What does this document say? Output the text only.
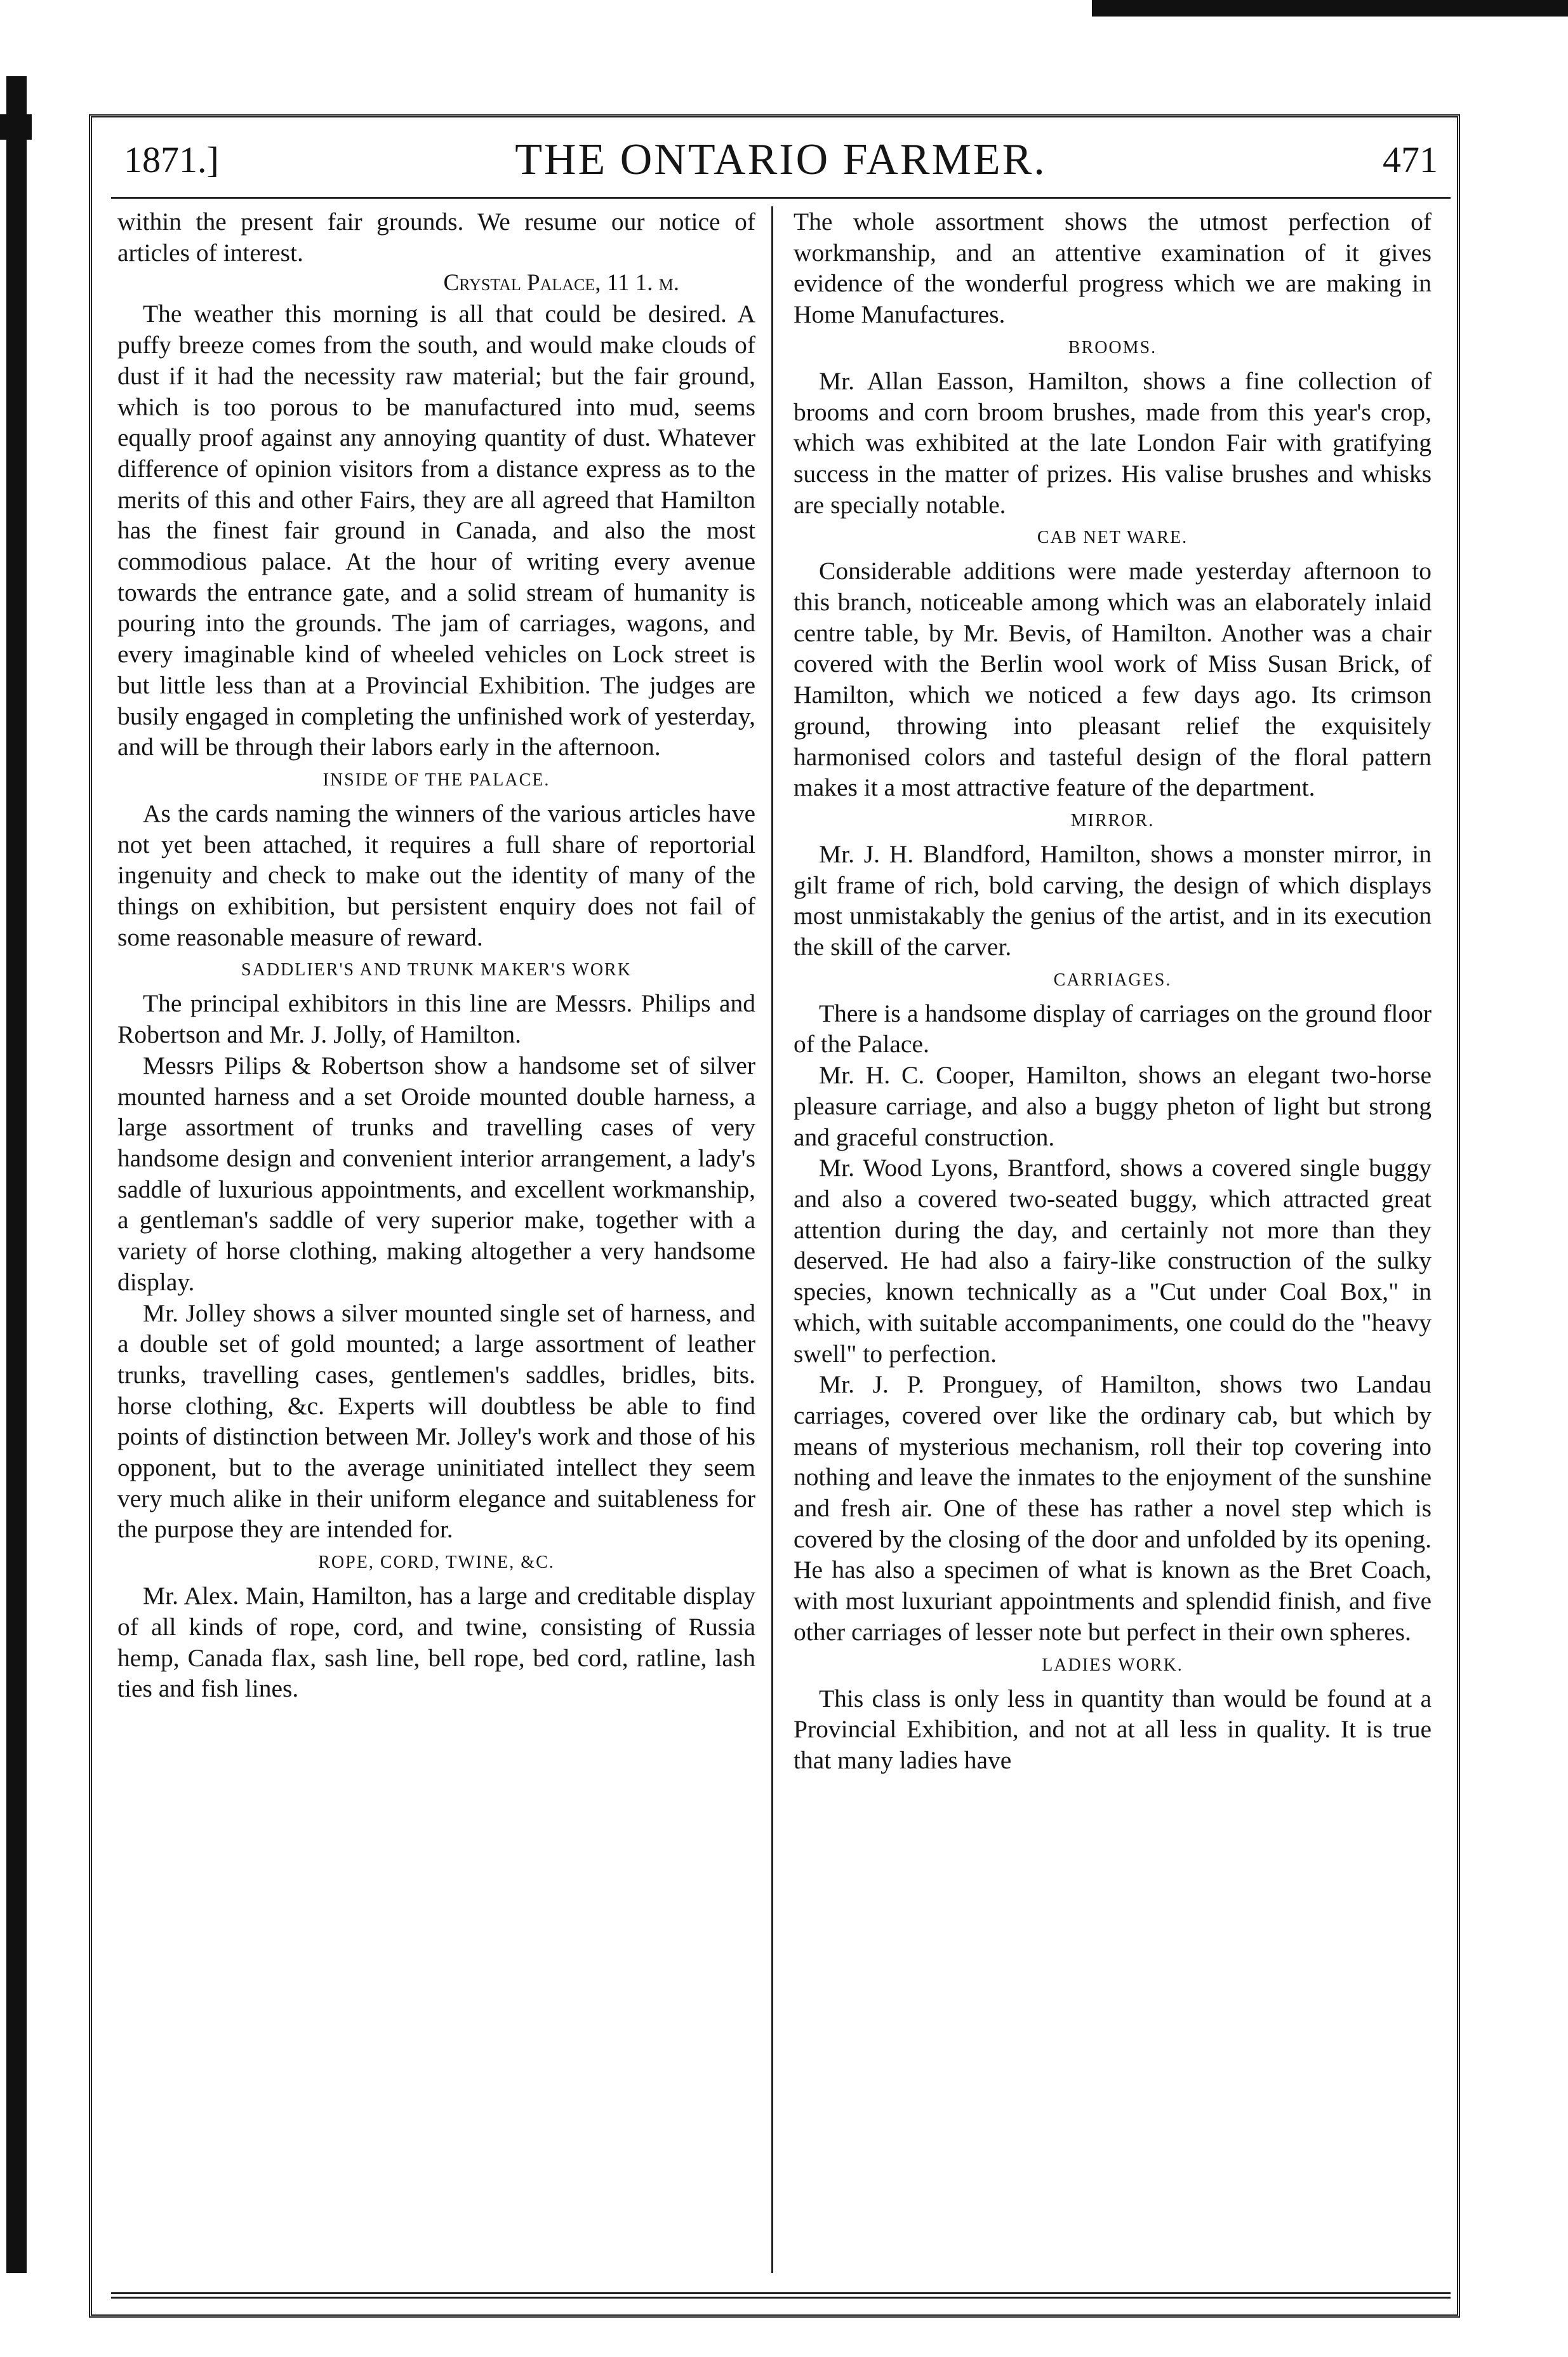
1871.]	THE ONTARIO FARMER.	471

within the present fair grounds. We resume our notice of articles of interest.

Crystal Palace, 11 1. m.

The weather this morning is all that could be desired. A puffy breeze comes from the south, and would make clouds of dust if it had the necessity raw material; but the fair ground, which is too porous to be manufactured into mud, seems equally proof against any annoying quantity of dust. Whatever difference of opinion visitors from a distance express as to the merits of this and other Fairs, they are all agreed that Hamilton has the finest fair ground in Canada, and also the most commodious palace. At the hour of writing every avenue towards the entrance gate, and a solid stream of humanity is pouring into the grounds. The jam of carriages, wagons, and every imaginable kind of wheeled vehicles on Lock street is but little less than at a Provincial Exhibition. The judges are busily engaged in completing the unfinished work of yesterday, and will be through their labors early in the afternoon.

INSIDE OF THE PALACE.

As the cards naming the winners of the various articles have not yet been attached, it requires a full share of reportorial ingenuity and check to make out the identity of many of the things on exhibition, but persistent enquiry does not fail of some reasonable measure of reward.

SADDLIER'S AND TRUNK MAKER'S WORK

The principal exhibitors in this line are Messrs. Philips and Robertson and Mr. J. Jolly, of Hamilton.

Messrs Pilips & Robertson show a handsome set of silver mounted harness and a set Oroide mounted double harness, a large assortment of trunks and travelling cases of very handsome design and convenient interior arrangement, a lady's saddle of luxurious appointments, and excellent workmanship, a gentleman's saddle of very superior make, together with a variety of horse clothing, making altogether a very handsome display.

Mr. Jolley shows a silver mounted single set of harness, and a double set of gold mounted; a large assortment of leather trunks, travelling cases, gentlemen's saddles, bridles, bits. horse clothing, &c. Experts will doubtless be able to find points of distinction between Mr. Jolley's work and those of his opponent, but to the average uninitiated intellect they seem very much alike in their uniform elegance and suitableness for the purpose they are intended for.

ROPE, CORD, TWINE, &C.

Mr. Alex. Main, Hamilton, has a large and creditable display of all kinds of rope, cord, and twine, consisting of Russia hemp, Canada flax, sash line, bell rope, bed cord, ratline, lash ties and fish lines.

The whole assortment shows the utmost perfection of workmanship, and an attentive examination of it gives evidence of the wonderful progress which we are making in Home Manufactures.

BROOMS.

Mr. Allan Easson, Hamilton, shows a fine collection of brooms and corn broom brushes, made from this year's crop, which was exhibited at the late London Fair with gratifying success in the matter of prizes. His valise brushes and whisks are specially notable.

CAB NET WARE.

Considerable additions were made yesterday afternoon to this branch, noticeable among which was an elaborately inlaid centre table, by Mr. Bevis, of Hamilton. Another was a chair covered with the Berlin wool work of Miss Susan Brick, of Hamilton, which we noticed a few days ago. Its crimson ground, throwing into pleasant relief the exquisitely harmonised colors and tasteful design of the floral pattern makes it a most attractive feature of the department.

MIRROR.

Mr. J. H. Blandford, Hamilton, shows a monster mirror, in gilt frame of rich, bold carving, the design of which displays most unmistakably the genius of the artist, and in its execution the skill of the carver.

CARRIAGES.

There is a handsome display of carriages on the ground floor of the Palace.

Mr. H. C. Cooper, Hamilton, shows an elegant two-horse pleasure carriage, and also a buggy pheton of light but strong and graceful construction.

Mr. Wood Lyons, Brantford, shows a covered single buggy and also a covered two-seated buggy, which attracted great attention during the day, and certainly not more than they deserved. He had also a fairy-like construction of the sulky species, known technically as a "Cut under Coal Box," in which, with suitable accompaniments, one could do the "heavy swell" to perfection.

Mr. J. P. Pronguey, of Hamilton, shows two Landau carriages, covered over like the ordinary cab, but which by means of mysterious mechanism, roll their top covering into nothing and leave the inmates to the enjoyment of the sunshine and fresh air. One of these has rather a novel step which is covered by the closing of the door and unfolded by its opening. He has also a specimen of what is known as the Bret Coach, with most luxuriant appointments and splendid finish, and five other carriages of lesser note but perfect in their own spheres.

LADIES WORK.

This class is only less in quantity than would be found at a Provincial Exhibition, and not at all less in quality. It is true that many ladies have
